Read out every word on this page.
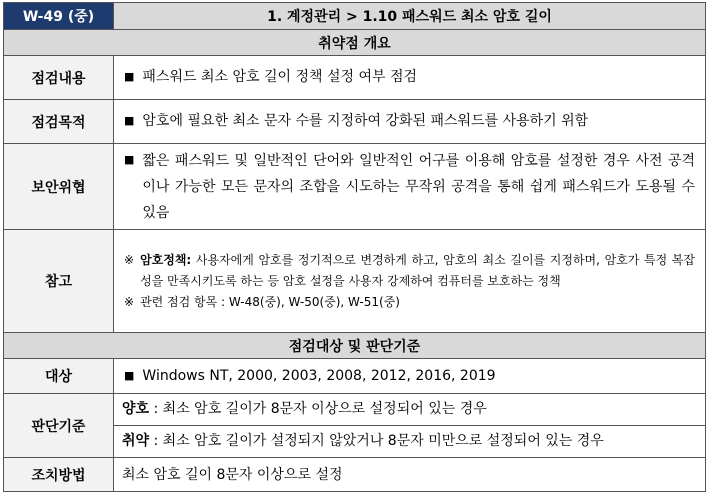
W-49 (중)	1. 계정관리 > 1.10 패스워드 최소 암호 길이
취약점 개요	
점검내용	■ 패스워드 최소 암호 길이 정책 설정 여부 점검
점검목적	■ 암호에 필요한 최소 문자 수를 지정하여 강화된 패스워드를 사용하기 위함
보안위협	■ 짧은 패스워드 및 일반적인 단어와 일반적인 어구를 이용해 암호를 설정한 경우 사전 공격이나 가능한 모든 문자의 조합을 시도하는 무작위 공격을 통해 쉽게 패스워드가 도용될 수 있음

참고	※ 암호정책: 사용자에게 암호를 정기적으로 변경하게 하고, 암호의 최소 길이를 지정하며, 암호가 특정 복잡성을 만족시키도록 하는 등 암호 설정을 사용자 강제하여 컴퓨터를 보호하는 정책
※ 관련 점검 항목 : W-48(중), W-50(중), W-51(중)

점검대상 및 판단기준	
대상	■ Windows NT, 2000, 2003, 2008, 2012, 2016, 2019
판단기준	양호 : 최소 암호 길이가 8문자 이상으로 설정되어 있는 경우
취약 : 최소 암호 길이가 설정되지 않았거나 8문자 미만으로 설정되어 있는 경우

조치방법	최소 암호 길이 8문자 이상으로 설정
